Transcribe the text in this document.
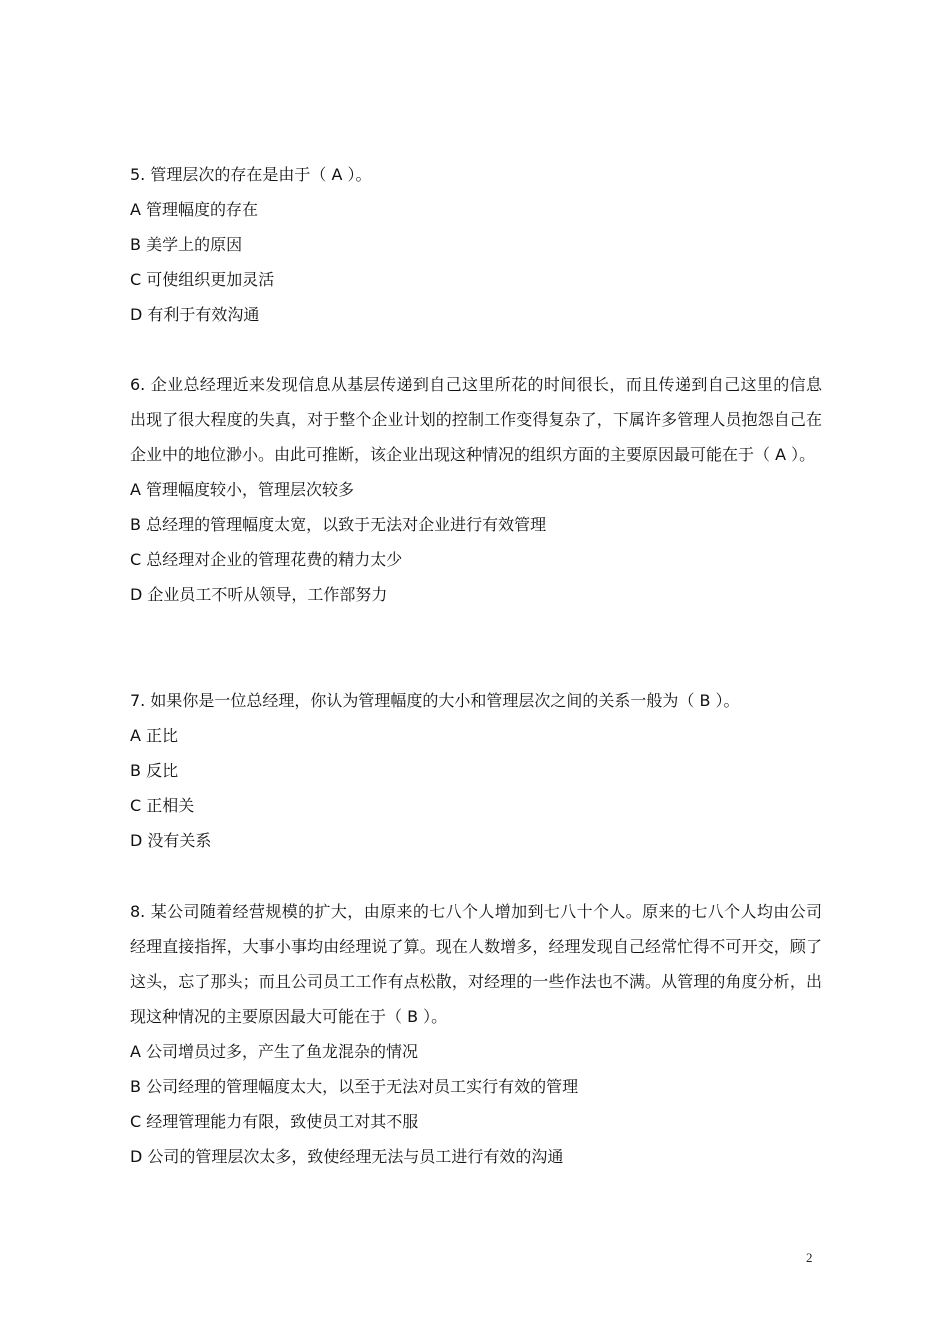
5. 管理层次的存在是由于（ A ）。

A 管理幅度的存在

B 美学上的原因

C 可使组织更加灵活

D 有利于有效沟通

6. 企业总经理近来发现信息从基层传递到自己这里所花的时间很长，而且传递到自己这里的信息出现了很大程度的失真，对于整个企业计划的控制工作变得复杂了，下属许多管理人员抱怨自己在企业中的地位渺小。由此可推断，该企业出现这种情况的组织方面的主要原因最可能在于（ A ）。

A 管理幅度较小，管理层次较多

B 总经理的管理幅度太宽，以致于无法对企业进行有效管理

C 总经理对企业的管理花费的精力太少

D 企业员工不听从领导，工作部努力

7. 如果你是一位总经理，你认为管理幅度的大小和管理层次之间的关系一般为（ B ）。

A 正比

B 反比

C 正相关

D 没有关系

8. 某公司随着经营规模的扩大，由原来的七八个人增加到七八十个人。原来的七八个人均由公司经理直接指挥，大事小事均由经理说了算。现在人数增多，经理发现自己经常忙得不可开交，顾了这头，忘了那头；而且公司员工工作有点松散，对经理的一些作法也不满。从管理的角度分析，出现这种情况的主要原因最大可能在于（ B ）。

A 公司增员过多，产生了鱼龙混杂的情况

B 公司经理的管理幅度太大，以至于无法对员工实行有效的管理

C 经理管理能力有限，致使员工对其不服

D 公司的管理层次太多，致使经理无法与员工进行有效的沟通

2
